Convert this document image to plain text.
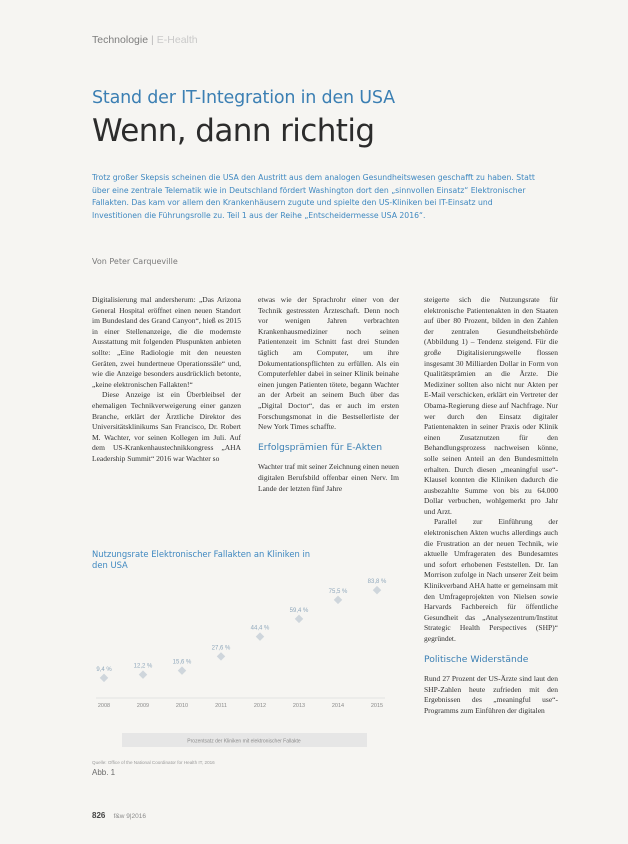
Technologie | E-Health
Stand der IT-Integration in den USA
Wenn, dann richtig
Trotz großer Skepsis scheinen die USA den Austritt aus dem analogen Gesundheitswesen geschafft zu haben. Statt über eine zentrale Telematik wie in Deutschland fördert Washington dort den „sinnvollen Einsatz“ Elektronischer Fallakten. Das kam vor allem den Krankenhäusern zugute und spielte den US-Kliniken bei IT-Einsatz und Investitionen die Führungsrolle zu. Teil 1 aus der Reihe „Entscheidermesse USA 2016“.
Von Peter Carqueville

Digitalisierung mal andersherum: „Das Arizona General Hospital eröffnet einen neuen Standort im Bundesland des Grand Canyon“, hieß es 2015 in einer Stellenanzeige, die die modernste Ausstattung mit folgenden Pluspunkten anbieten sollte: „Eine Radiologie mit den neuesten Geräten, zwei hundertneue Operationssäle“ und, wie die Anzeige besonders ausdrücklich betonte, „keine elektronischen Fallakten!“

Diese Anzeige ist ein Überbleibsel der ehemaligen Technikverweigerung einer ganzen Branche, erklärt der Ärztliche Direktor des Universitätsklinikums San Francisco, Dr. Robert M. Wachter, vor seinen Kollegen im Juli. Auf dem US-Krankenhaustechnikkongress „AHA Leadership Summit“ 2016 war Wachter so

etwas wie der Sprachrohr einer von der Technik gestressten Ärzteschaft. Denn noch vor wenigen Jahren verbrachten Krankenhausmediziner noch seinen Patientenzeit im Schnitt fast drei Stunden täglich am Computer, um ihre Dokumentationspflichten zu erfüllen. Als ein Computerfehler dabei in seiner Klinik beinahe einen jungen Patienten tötete, begann Wachter an der Arbeit an seinem Buch über das „Digital Doctor“, das er auch im ersten Forschungsmonat in die Bestsellerliste der New York Times schaffte.

Erfolgsprämien für E-Akten

Wachter traf mit seiner Zeichnung einen neuen digitalen Berufsbild offenbar einen Nerv. Im Lande der letzten fünf Jahre

steigerte sich die Nutzungsrate für elektronische Patientenakten in den Staaten auf über 80 Prozent, bilden in den Zahlen der zentralen Gesundheitsbehörde (Abbildung 1) – Tendenz steigend. Für die große Digitalisierungswelle flossen insgesamt 30 Milliarden Dollar in Form von Qualitätsprämien an die Ärzte. Die Mediziner sollten also nicht nur Akten per E-Mail verschicken, erklärt ein Vertreter der Obama-Regierung diese auf Nachfrage. Nur wer durch den Einsatz digitaler Patientenakten in seiner Praxis oder Klinik einen Zusatznutzen für den Behandlungsprozess nachweisen könne, solle seinen Anteil an den Bundesmitteln erhalten. Durch diesen „meaningful use“-Klausel konnten die Kliniken dadurch die ausbezahlte Summe von bis zu 64.000 Dollar verbuchen, wohlgemerkt pro Jahr und Arzt.

Parallel zur Einführung der elektronischen Akten wuchs allerdings auch die Frustration an der neuen Technik, wie aktuelle Umfrageraten des Bundesamtes und sofort erhobenen Feststellen. Dr. Ian Morrison zufolge in Nach unserer Zeit beim Klinikverband AHA hatte er gemeinsam mit den Umfrageprojekten von Nielsen sowie Harvards Fachbereich für öffentliche Gesundheit das „Analysezentrum/Institut Strategic Health Perspectives (SHP)“ gegründet.

Politische Widerstände

Rund 27 Prozent der US-Ärzte sind laut den SHP-Zahlen heute zufrieden mit den Ergebnissen des „meaningful use“-Programms zum Einführen der digitalen

Nutzungsrate Elektronischer Fallakten an Kliniken in den USA
9,4 %
2008
12,2 %
2009
15,6 %
2010
27,6 %
2011
44,4 %
2012
59,4 %
2013
75,5 %
2014
83,8 %
2015
Prozentsatz der Kliniken mit elektronischer Fallakte
Quelle: Office of the National Coordinator for Health IT, 2016
Abb. 1
826 f&w 9|2016
